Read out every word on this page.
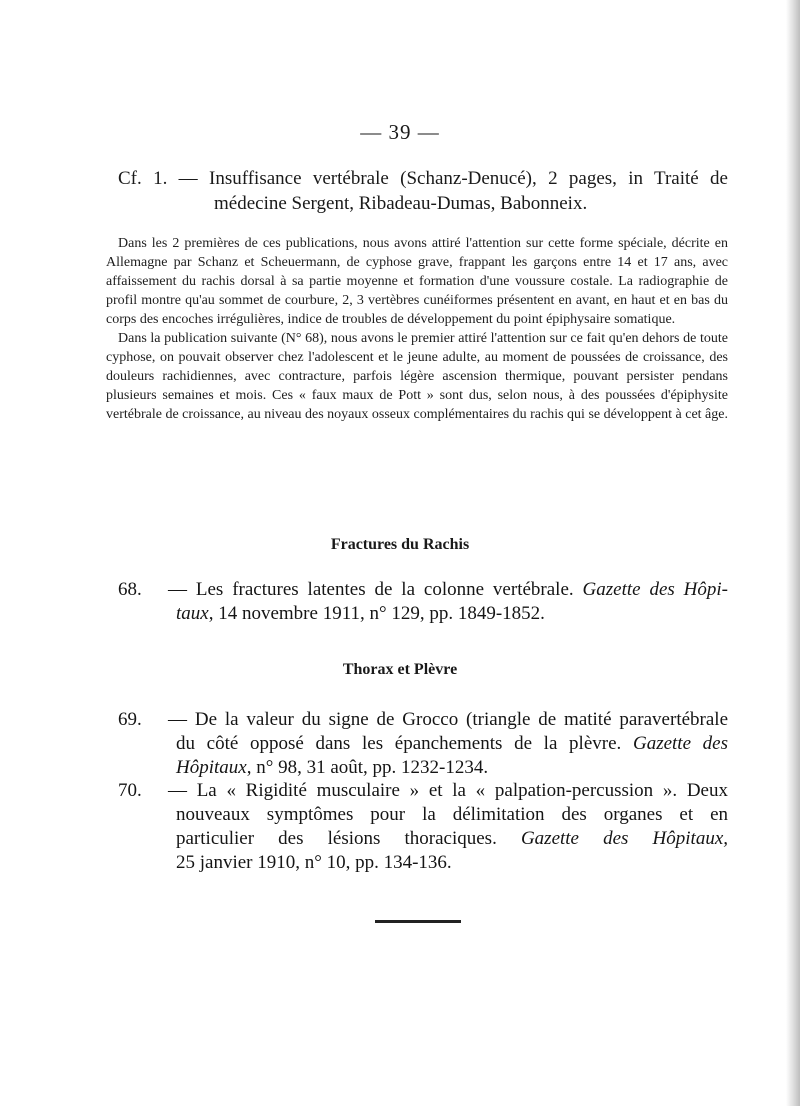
— 39 —
Cf. 1. — Insuffisance vertébrale (Schanz-Denucé), 2 pages, in Traité de
médecine Sergent, Ribadeau-Dumas, Babonneix.

Dans les 2 premières de ces publications, nous avons attiré l'attention sur cette forme spéciale, décrite en Allemagne par Schanz et Scheuermann, de cyphose grave, frappant les garçons entre 14 et 17 ans, avec affaissement du rachis dorsal à sa partie moyenne et formation d'une voussure costale. La radiographie de profil montre qu'au sommet de courbure, 2, 3 vertèbres cunéiformes présentent en avant, en haut et en bas du corps des encoches irrégulières, indice de troubles de développement du point épiphysaire somatique.

Dans la publication suivante (N° 68), nous avons le premier attiré l'attention sur ce fait qu'en dehors de toute cyphose, on pouvait observer chez l'adolescent et le jeune adulte, au moment de poussées de croissance, des douleurs rachidiennes, avec contracture, parfois légère ascension thermique, pouvant persister pendans plusieurs semaines et mois. Ces « faux maux de Pott » sont dus, selon nous, à des poussées d'épiphysite vertébrale de croissance, au niveau des noyaux osseux complémentaires du rachis qui se développent à cet âge.

Fractures du Rachis
68. — Les fractures latentes de la colonne vertébrale. Gazette des Hôpi-
taux, 14 novembre 1911, n° 129, pp. 1849-1852.
Thorax et Plèvre
69. — De la valeur du signe de Grocco (triangle de matité paravertébrale
du côté opposé dans les épanchements de la plèvre. Gazette des
Hôpitaux, n° 98, 31 août, pp. 1232-1234.
70. — La « Rigidité musculaire » et la « palpation-percussion ». Deux
nouveaux symptômes pour la délimitation des organes et en
particulier des lésions thoraciques. Gazette des Hôpitaux,
25 janvier 1910, n° 10, pp. 134-136.
